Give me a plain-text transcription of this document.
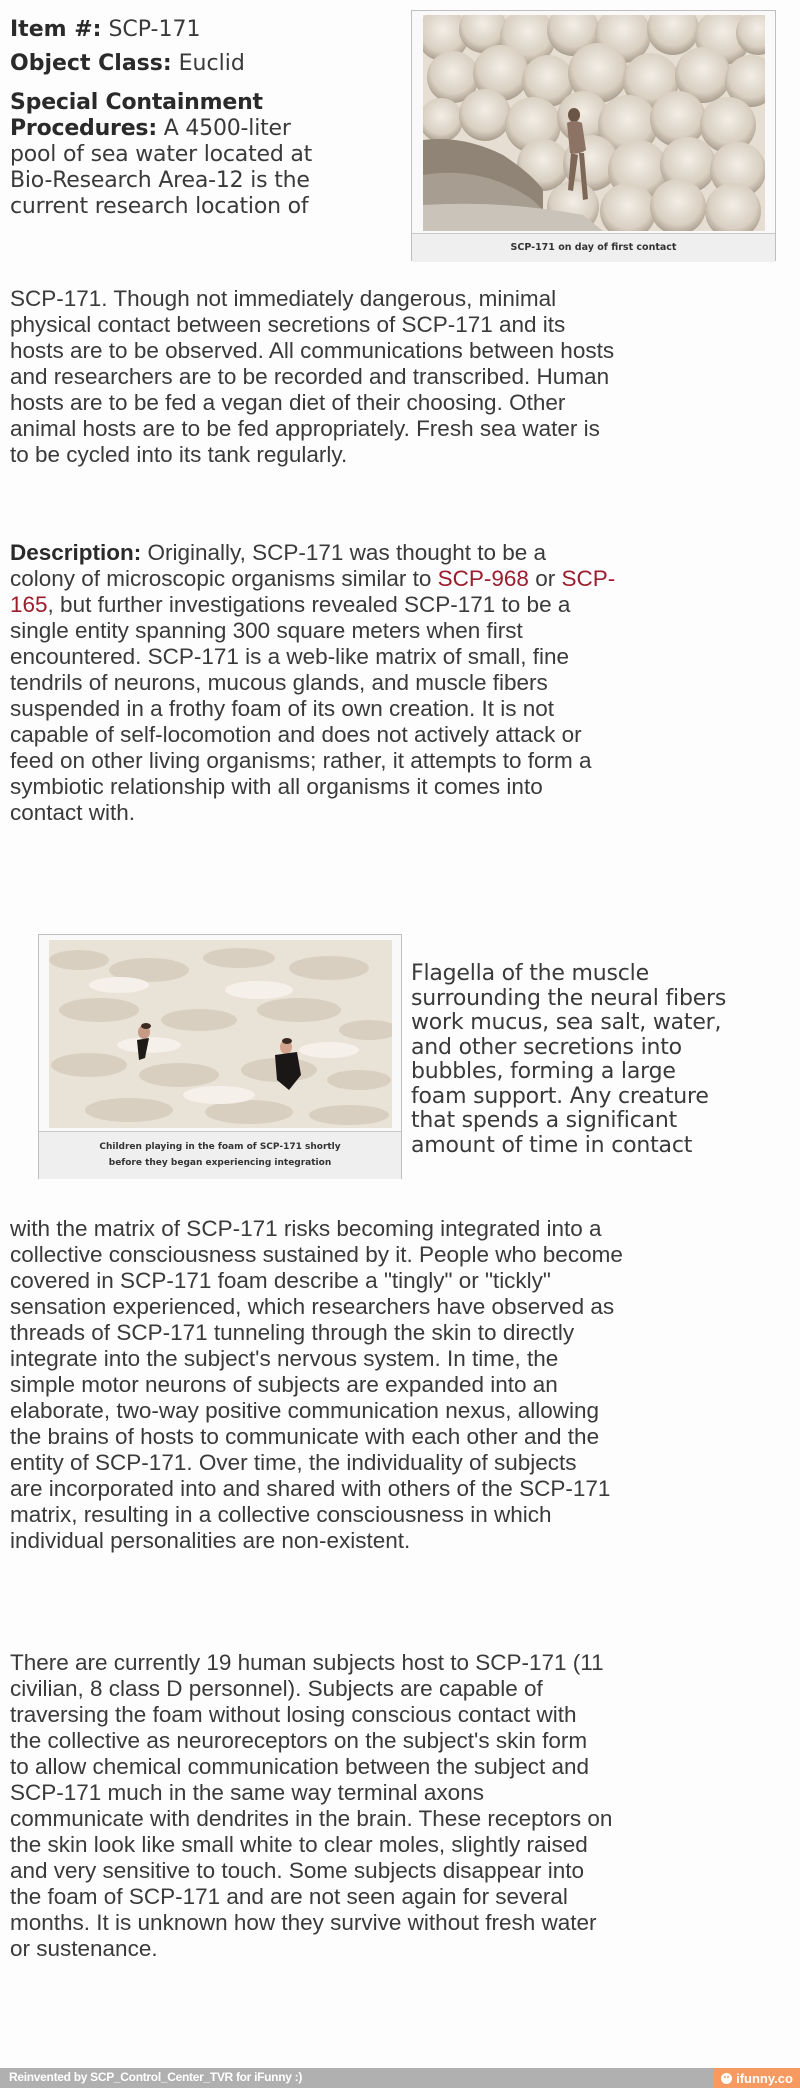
Item #: SCP-171
Object Class: Euclid
Special Containment
Procedures: A 4500-liter
pool of sea water located at
Bio-Research Area-12 is the
current research location of
SCP-171. Though not immediately dangerous, minimal
physical contact between secretions of SCP-171 and its
hosts are to be observed. All communications between hosts
and researchers are to be recorded and transcribed. Human
hosts are to be fed a vegan diet of their choosing. Other
animal hosts are to be fed appropriately. Fresh sea water is
to be cycled into its tank regularly.
SCP-171 on day of first contact
Description: Originally, SCP-171 was thought to be a
colony of microscopic organisms similar to SCP-968 or SCP-
165, but further investigations revealed SCP-171 to be a
single entity spanning 300 square meters when first
encountered. SCP-171 is a web-like matrix of small, fine
tendrils of neurons, mucous glands, and muscle fibers
suspended in a frothy foam of its own creation. It is not
capable of self-locomotion and does not actively attack or
feed on other living organisms; rather, it attempts to form a
symbiotic relationship with all organisms it comes into
contact with.
Children playing in the foam of SCP-171 shortly
before they began experiencing integration
Flagella of the muscle
surrounding the neural fibers
work mucus, sea salt, water,
and other secretions into
bubbles, forming a large
foam support. Any creature
that spends a significant
amount of time in contact
with the matrix of SCP-171 risks becoming integrated into a
collective consciousness sustained by it. People who become
covered in SCP-171 foam describe a "tingly" or "tickly"
sensation experienced, which researchers have observed as
threads of SCP-171 tunneling through the skin to directly
integrate into the subject's nervous system. In time, the
simple motor neurons of subjects are expanded into an
elaborate, two-way positive communication nexus, allowing
the brains of hosts to communicate with each other and the
entity of SCP-171. Over time, the individuality of subjects
are incorporated into and shared with others of the SCP-171
matrix, resulting in a collective consciousness in which
individual personalities are non-existent.
There are currently 19 human subjects host to SCP-171 (11
civilian, 8 class D personnel). Subjects are capable of
traversing the foam without losing conscious contact with
the collective as neuroreceptors on the subject's skin form
to allow chemical communication between the subject and
SCP-171 much in the same way terminal axons
communicate with dendrites in the brain. These receptors on
the skin look like small white to clear moles, slightly raised
and very sensitive to touch. Some subjects disappear into
the foam of SCP-171 and are not seen again for several
months. It is unknown how they survive without fresh water
or sustenance.
Reinvented by SCP_Control_Center_TVR for iFunny :)	ifunny.co
